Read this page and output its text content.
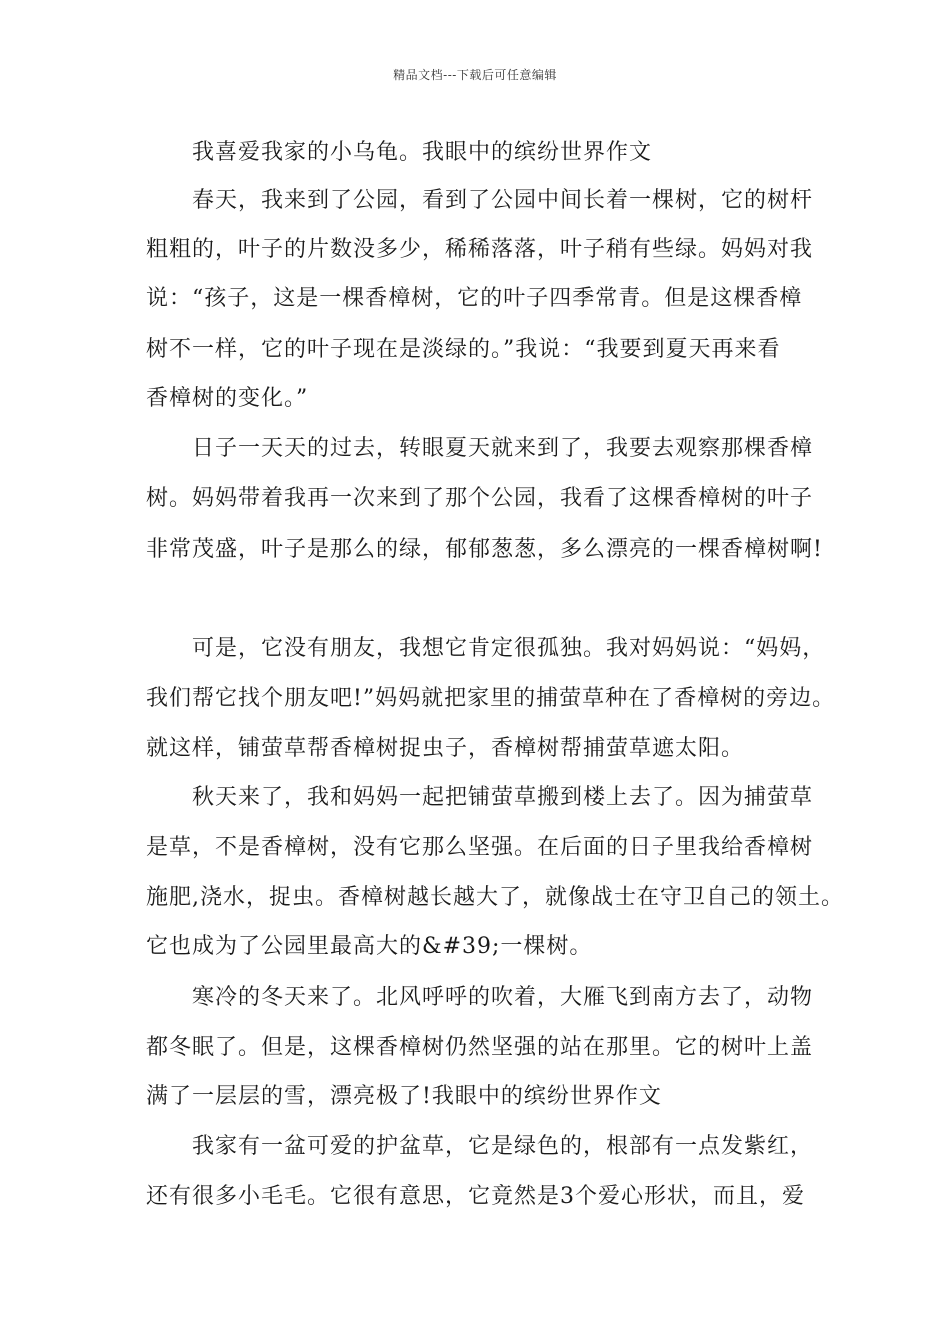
精品文档---下载后可任意编辑
我喜爱我家的小乌龟。我眼中的缤纷世界作文
春天，我来到了公园，看到了公园中间长着一棵树，它的树杆
粗粗的，叶子的片数没多少，稀稀落落，叶子稍有些绿。妈妈对我
说：“孩子，这是一棵香樟树，它的叶子四季常青。但是这棵香樟
树不一样，它的叶子现在是淡绿的。”我说：“我要到夏天再来看
香樟树的变化。”
日子一天天的过去，转眼夏天就来到了，我要去观察那棵香樟
树。妈妈带着我再一次来到了那个公园，我看了这棵香樟树的叶子
非常茂盛，叶子是那么的绿，郁郁葱葱，多么漂亮的一棵香樟树啊!
可是，它没有朋友，我想它肯定很孤独。我对妈妈说：“妈妈，
我们帮它找个朋友吧!”妈妈就把家里的捕萤草种在了香樟树的旁边。
就这样，铺萤草帮香樟树捉虫子，香樟树帮捕萤草遮太阳。
秋天来了，我和妈妈一起把铺萤草搬到楼上去了。因为捕萤草
是草，不是香樟树，没有它那么坚强。在后面的日子里我给香樟树
施肥,浇水，捉虫。香樟树越长越大了，就像战士在守卫自己的领土。
它也成为了公园里最高大的&#39;一棵树。
寒冷的冬天来了。北风呼呼的吹着，大雁飞到南方去了，动物
都冬眠了。但是，这棵香樟树仍然坚强的站在那里。它的树叶上盖
满了一层层的雪，漂亮极了!我眼中的缤纷世界作文
我家有一盆可爱的护盆草，它是绿色的，根部有一点发紫红，
还有很多小毛毛。它很有意思，它竟然是3个爱心形状，而且，爱
